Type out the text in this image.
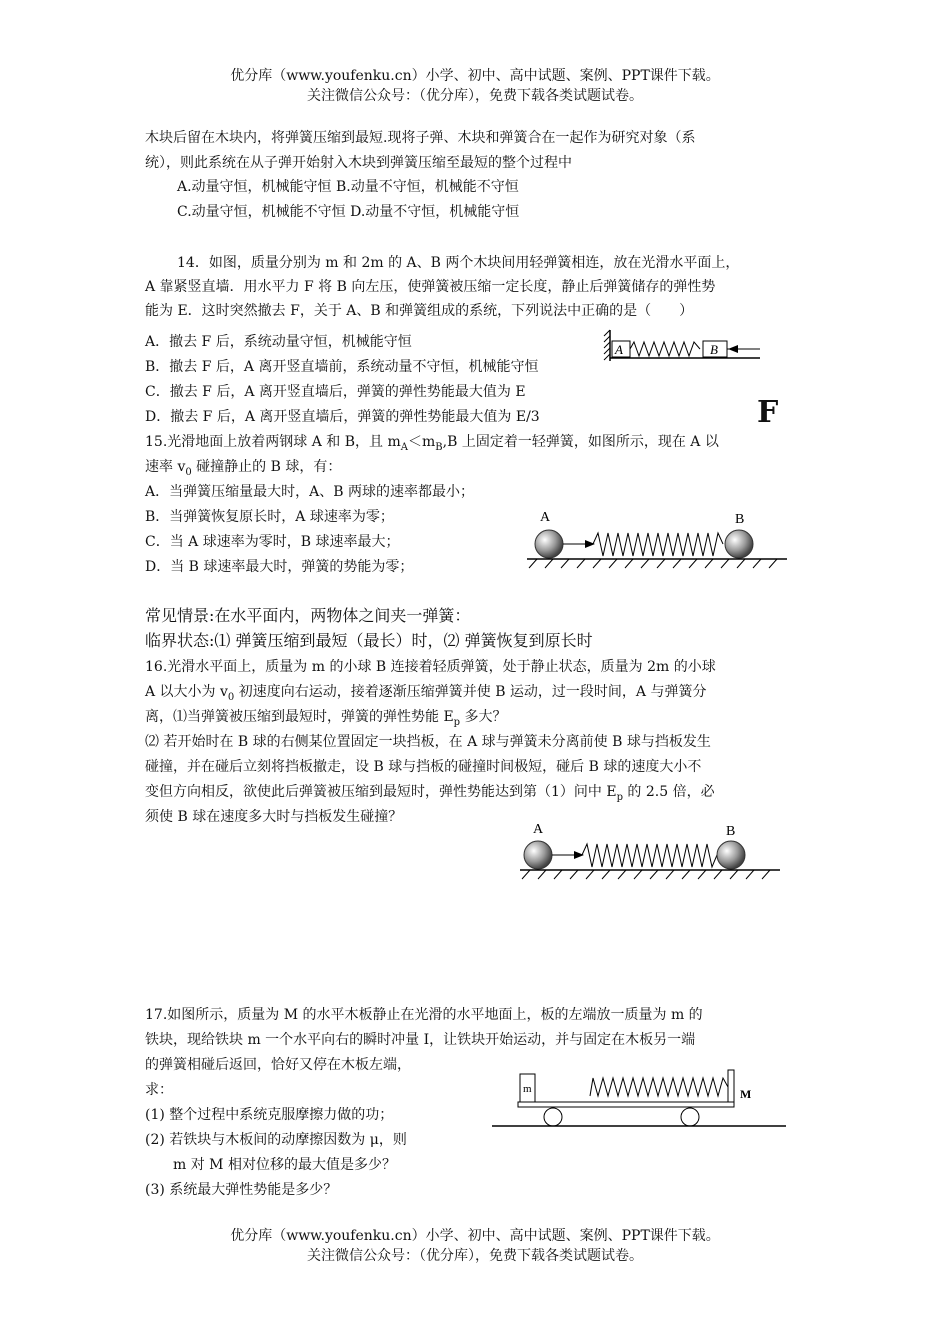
优分库（www.youfenku.cn）小学、初中、高中试题、案例、PPT课件下载。
关注微信公众号：（优分库），免费下载各类试题试卷。
木块后留在木块内，将弹簧压缩到最短.现将子弹、木块和弹簧合在一起作为研究对象（系
统），则此系统在从子弹开始射入木块到弹簧压缩至最短的整个过程中
A.动量守恒，机械能守恒 B.动量不守恒，机械能不守恒
C.动量守恒，机械能不守恒 D.动量不守恒，机械能守恒
14．如图，质量分别为 m 和 2m 的 A、B 两个木块间用轻弹簧相连，放在光滑水平面上，
A 靠紧竖直墙．用水平力 F 将 B 向左压，使弹簧被压缩一定长度，静止后弹簧储存的弹性势
能为 E．这时突然撤去 F，关于 A、B 和弹簧组成的系统，下列说法中正确的是（　　）
A．撤去 F 后，系统动量守恒，机械能守恒
B．撤去 F 后，A 离开竖直墙前，系统动量不守恒，机械能守恒
C．撤去 F 后，A 离开竖直墙后，弹簧的弹性势能最大值为 E
D．撤去 F 后，A 离开竖直墙后，弹簧的弹性势能最大值为 E/3
A	B
F
15.光滑地面上放着两钢球 A 和 B，且 $m_A<m_B,B$ 上固定着一轻弹簧，如图所示，现在 A 以
速率 $v_0$ 碰撞静止的 B 球，有：
A．当弹簧压缩量最大时，A、B 两球的速率都最小；
B．当弹簧恢复原长时，A 球速率为零；
C．当 A 球速率为零时，B 球速率最大；
D．当 B 球速率最大时，弹簧的势能为零；
A	B
常见情景:在水平面内，两物体之间夹一弹簧：
临界状态:⑴ 弹簧压缩到最短（最长）时，⑵ 弹簧恢复到原长时
16.光滑水平面上，质量为 m 的小球 B 连接着轻质弹簧，处于静止状态，质量为 2m 的小球
A 以大小为 $v_0$ 初速度向右运动，接着逐渐压缩弹簧并使 B 运动，过一段时间，A 与弹簧分
离，⑴当弹簧被压缩到最短时，弹簧的弹性势能 $E_p$ 多大？
⑵ 若开始时在 B 球的右侧某位置固定一块挡板，在 A 球与弹簧未分离前使 B 球与挡板发生
碰撞，并在碰后立刻将挡板撤走，设 B 球与挡板的碰撞时间极短，碰后 B 球的速度大小不
变但方向相反，欲使此后弹簧被压缩到最短时，弹性势能达到第（1）问中 $E_p$ 的 2.5 倍，必
须使 B 球在速度多大时与挡板发生碰撞？
A	B
17.如图所示，质量为 M 的水平木板静止在光滑的水平地面上，板的左端放一质量为 m 的
铁块，现给铁块 m 一个水平向右的瞬时冲量 I，让铁块开始运动，并与固定在木板另一端
的弹簧相碰后返回，恰好又停在木板左端，
求：
(1) 整个过程中系统克服摩擦力做的功；
(2) 若铁块与木板间的动摩擦因数为 μ，则
m 对 M 相对位移的最大值是多少？
(3) 系统最大弹性势能是多少？
m	M
优分库（www.youfenku.cn）小学、初中、高中试题、案例、PPT课件下载。
关注微信公众号：（优分库），免费下载各类试题试卷。
